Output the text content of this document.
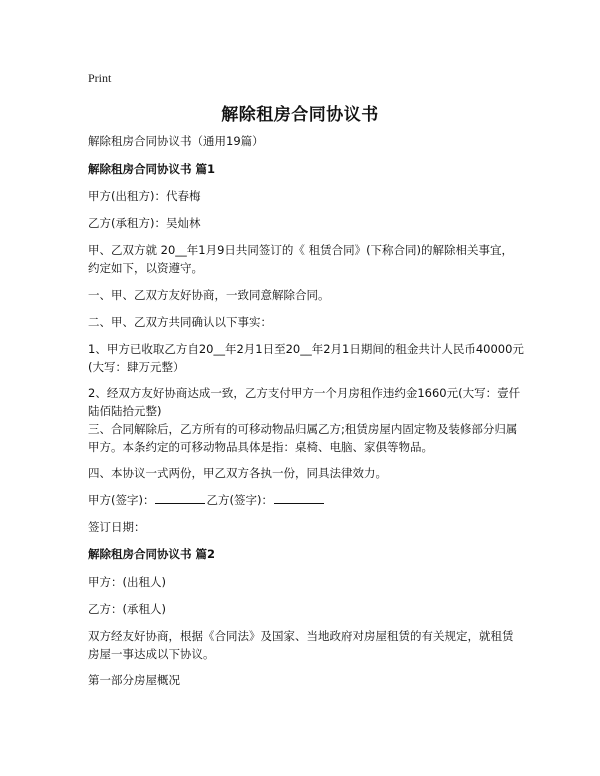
Print
解除租房合同协议书
解除租房合同协议书（通用19篇）
解除租房合同协议书 篇1
甲方(出租方)：代春梅
乙方(承租方)：吴灿林
甲、乙双方就 20__年1月9日共同签订的《 租赁合同》(下称合同)的解除相关事宜，约定如下，以资遵守。
一、甲、乙双方友好协商，一致同意解除合同。
二、甲、乙双方共同确认以下事实：
1、甲方已收取乙方自20__年2月1日至20__年2月1日期间的租金共计人民币40000元(大写：肆万元整）
2、经双方友好协商达成一致，乙方支付甲方一个月房租作违约金1660元(大写：壹仟陆佰陆拾元整)
三、合同解除后，乙方所有的可移动物品归属乙方;租赁房屋内固定物及装修部分归属甲方。本条约定的可移动物品具体是指：桌椅、电脑、家俱等物品。
四、本协议一式两份，甲乙双方各执一份，同具法律效力。
甲方(签字)：	乙方(签字)：
签订日期：
解除租房合同协议书 篇2
甲方：(出租人)
乙方：(承租人)
双方经友好协商，根据《合同法》及国家、当地政府对房屋租赁的有关规定，就租赁房屋一事达成以下协议。
第一部分房屋概况
